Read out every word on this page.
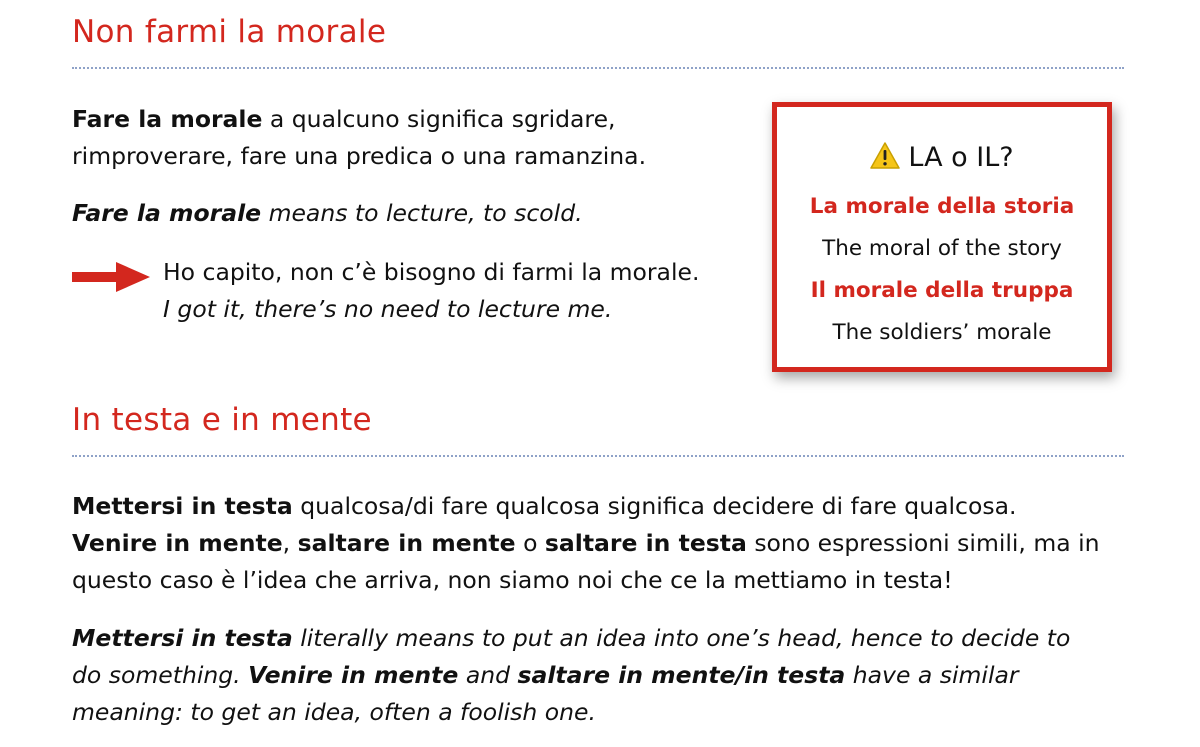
Non farmi la morale

Fare la morale a qualcuno significa sgridare,
rimproverare, fare una predica o una ramanzina.

Fare la morale means to lecture, to scold.

Ho capito, non c’è bisogno di farmi la morale.
I got it, there’s no need to lecture me.

LA o IL?
La morale della storia
The moral of the story
Il morale della truppa
The soldiers’ morale
In testa e in mente

Mettersi in testa qualcosa/di fare qualcosa significa decidere di fare qualcosa.
Venire in mente, saltare in mente o saltare in testa sono espressioni simili, ma in
questo caso è l’idea che arriva, non siamo noi che ce la mettiamo in testa!

Mettersi in testa literally means to put an idea into one’s head, hence to decide to
do something. Venire in mente and saltare in mente/in testa have a similar
meaning: to get an idea, often a foolish one.
